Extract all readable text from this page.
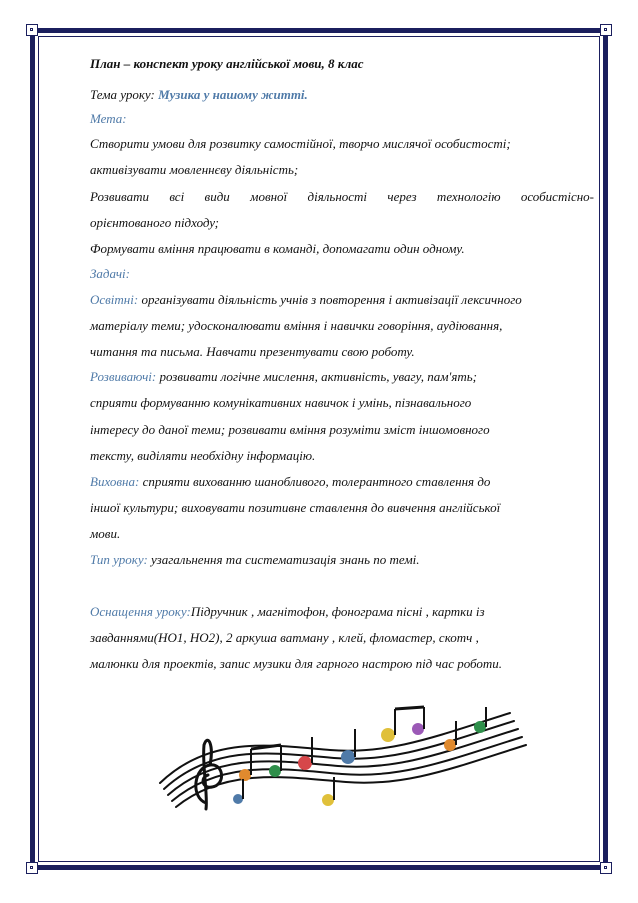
План – конспект уроку англійської мови, 8 клас
Тема уроку: Музика у нашому житті.
Мета:
Створити умови для розвитку самостійної, творчо мислячої особистості;
активізувати мовленнєву діяльність;
Розвивати всі види мовної діяльності через технологію особистісно-
орієнтованого підходу;
Формувати вміння працювати в команді, допомагати один одному.
Задачі:
Освітні: організувати діяльність учнів з повторення і активізації лексичного
матеріалу теми; удосконалювати вміння і навички говоріння, аудіювання,
читання та письма. Навчати презентувати свою роботу.
Розвиваючі: розвивати логічне мислення, активність, увагу, пам'ять;
сприяти формуванню комунікативних навичок і умінь, пізнавального
інтересу до даної теми; розвивати вміння розуміти зміст іншомовного
тексту, виділяти необхідну інформацію.
Виховна: сприяти вихованню шанобливого, толерантного ставлення до
іншої культури; виховувати позитивне ставлення до вивчення англійської
мови.
Тип уроку: узагальнення та систематизація знань по темі.
Оснащення уроку:Підручник , магнітофон, фонограма пісні , картки із
завданнями(НО1, НО2), 2 аркуша ватману , клей, фломастер, скотч ,
малюнки для проектів, запис музики для гарного настрою під час роботи.
